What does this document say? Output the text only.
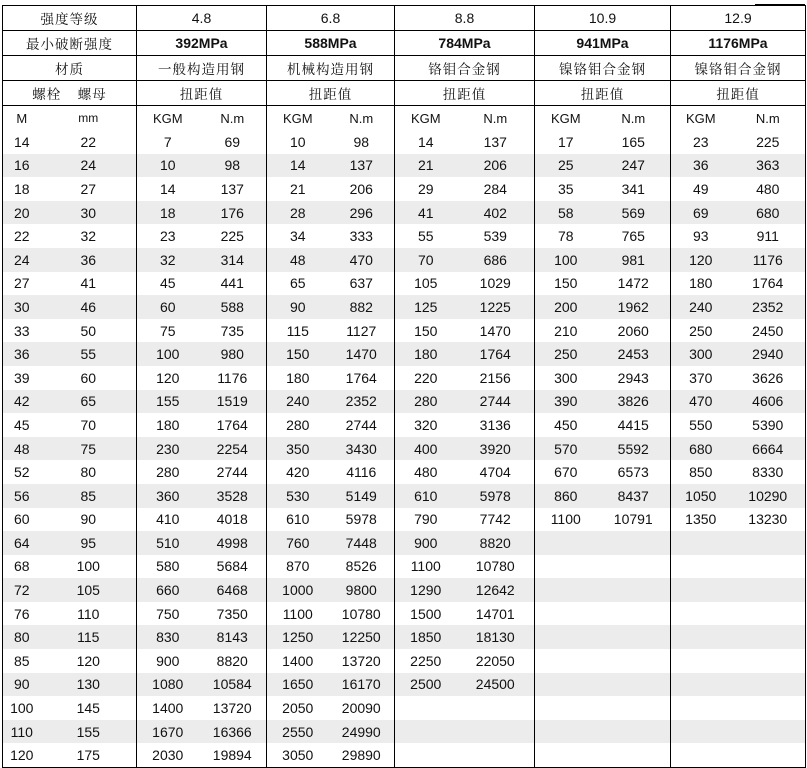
强度等级		4.8		6.8		8.8		10.9		12.9	
最小破断强度		392MPa		588MPa		784MPa		941MPa		1176MPa	
材质		一般构造用钢		机械构造用钢		铬钼合金钢		镍铬钼合金钢		镍铬钼合金钢	
螺栓 螺母		扭距值		扭距值		扭距值		扭距值		扭距值	
M	mm	KGM	N.m	KGM	N.m	KGM	N.m	KGM	N.m	KGM	N.m
14	22	7	69	10	98	14	137	17	165	23	225
16	24	10	98	14	137	21	206	25	247	36	363
18	27	14	137	21	206	29	284	35	341	49	480
20	30	18	176	28	296	41	402	58	569	69	680
22	32	23	225	34	333	55	539	78	765	93	911
24	36	32	314	48	470	70	686	100	981	120	1176
27	41	45	441	65	637	105	1029	150	1472	180	1764
30	46	60	588	90	882	125	1225	200	1962	240	2352
33	50	75	735	115	1127	150	1470	210	2060	250	2450
36	55	100	980	150	1470	180	1764	250	2453	300	2940
39	60	120	1176	180	1764	220	2156	300	2943	370	3626
42	65	155	1519	240	2352	280	2744	390	3826	470	4606
45	70	180	1764	280	2744	320	3136	450	4415	550	5390
48	75	230	2254	350	3430	400	3920	570	5592	680	6664
52	80	280	2744	420	4116	480	4704	670	6573	850	8330
56	85	360	3528	530	5149	610	5978	860	8437	1050	10290
60	90	410	4018	610	5978	790	7742	1100	10791	1350	13230
64	95	510	4998	760	7448	900	8820				
68	100	580	5684	870	8526	1100	10780				
72	105	660	6468	1000	9800	1290	12642				
76	110	750	7350	1100	10780	1500	14701				
80	115	830	8143	1250	12250	1850	18130				
85	120	900	8820	1400	13720	2250	22050				
90	130	1080	10584	1650	16170	2500	24500				
100	145	1400	13720	2050	20090						
110	155	1670	16366	2550	24990						
120	175	2030	19894	3050	29890						
